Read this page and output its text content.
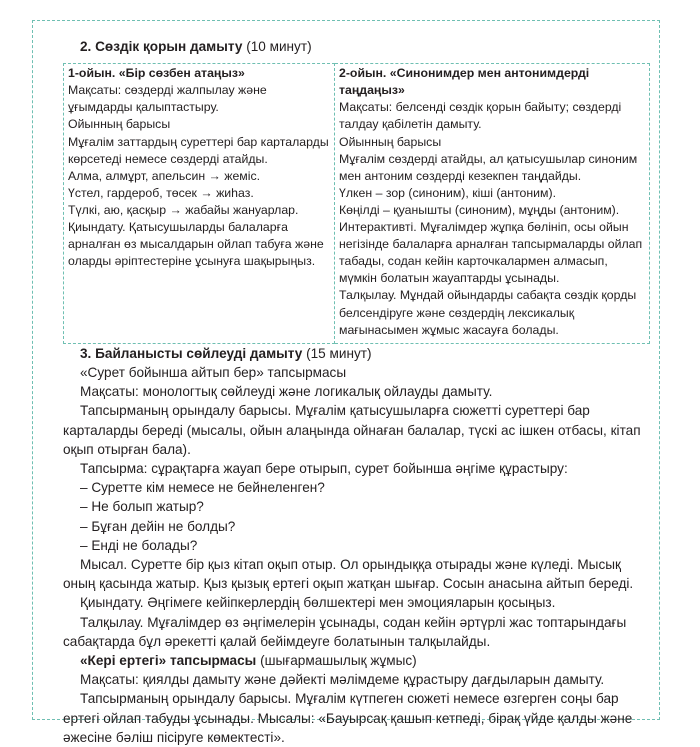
2. Сөздік қорын дамыту (10 минут)

1-ойын. «Бір сөзбен атаңыз»

Мақсаты: сөздерді жалпылау және ұғымдарды қалыптастыру.

Ойынның барысы

Мұғалім заттардың суреттері бар карталарды көрсетеді немесе сөздерді атайды.

Алма, алмұрт, апельсин → жеміс.

Үстел, гардероб, төсек → жиһаз.

Түлкі, аю, қасқыр → жабайы жануарлар.

Қиындату. Қатысушыларды балаларға арналған өз мысалдарын ойлап табуға және оларды әріптестеріне ұсынуға шақырыңыз.

2-ойын. «Синонимдер мен антонимдерді таңдаңыз»

Мақсаты: белсенді сөздік қорын байыту; сөздерді талдау қабілетін дамыту.

Ойынның барысы

Мұғалім сөздерді атайды, ал қатысушылар синоним мен антоним сөздерді кезекпен таңдайды.

Үлкен – зор (синоним), кіші (антоним).

Көңілді – қуанышты (синоним), мұңды (антоним).

Интерактивті. Мұғалімдер жұпқа бөлініп, осы ойын негізінде балаларға арналған тапсырмаларды ойлап табады, содан кейін карточкалармен алмасып, мүмкін болатын жауаптарды ұсынады.

Талқылау. Мұндай ойындарды сабақта сөздік қорды белсендіруге және сөздердің лексикалық мағынасымен жұмыс жасауға болады.

3. Байланысты сөйлеуді дамыту (15 минут)

«Сурет бойынша айтып бер» тапсырмасы

Мақсаты: монологтық сөйлеуді және логикалық ойлауды дамыту.

Тапсырманың орындалу барысы. Мұғалім қатысушыларға сюжетті суреттері бар карталарды береді (мысалы, ойын алаңында ойнаған балалар, түскі ас ішкен отбасы, кітап оқып отырған бала).

Тапсырма: сұрақтарға жауап бере отырып, сурет бойынша әңгіме құрастыру:

– Суретте кім немесе не бейнеленген?

– Не болып жатыр?

– Бұған дейін не болды?

– Енді не болады?

Мысал. Суретте бір қыз кітап оқып отыр. Ол орындыққа отырады және күледі. Мысық оның қасында жатыр. Қыз қызық ертегі оқып жатқан шығар. Сосын анасына айтып береді.

Қиындату. Әңгімеге кейіпкерлердің бөлшектері мен эмоцияларын қосыңыз.

Талқылау. Мұғалімдер өз әңгімелерін ұсынады, содан кейін әртүрлі жас топтарындағы сабақтарда бұл әрекетті қалай бейімдеуге болатынын талқылайды.

«Кері ертегі» тапсырмасы (шығармашылық жұмыс)

Мақсаты: қиялды дамыту және дәйекті мәлімдеме құрастыру дағдыларын дамыту.

Тапсырманың орындалу барысы. Мұғалім күтпеген сюжеті немесе өзгерген соңы бар ертегі ойлап табуды ұсынады. Мысалы: «Бауырсақ қашып кетпеді, бірақ үйде қалды және әжесіне бәліш пісіруге көмектесті».
